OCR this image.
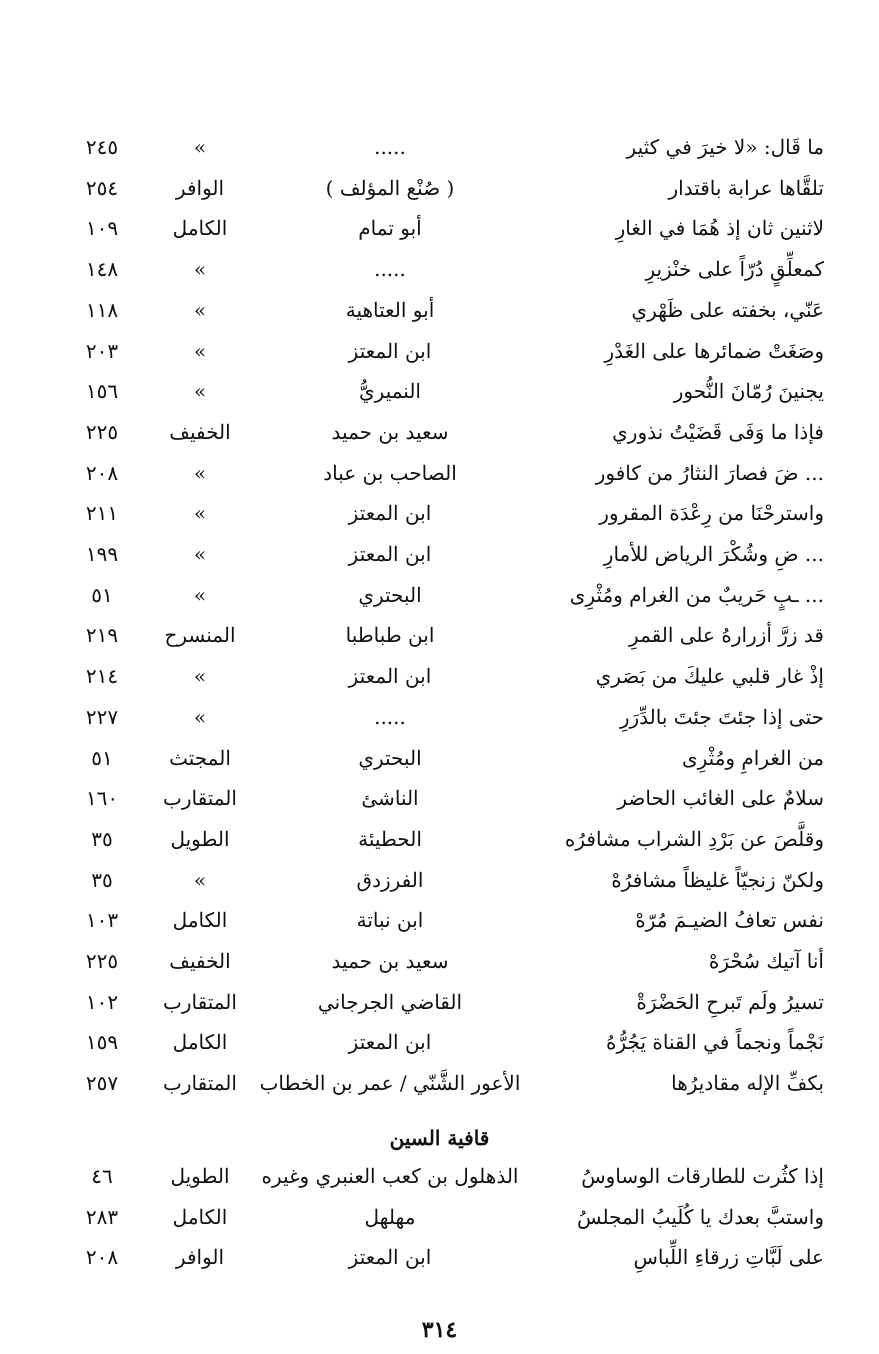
ما قَال: «لا خيرَ في كثير
.....
»
٢٤٥
تلقَّاها عرابة باقتدار
( صُنْع المؤلف )
الوافر
٢٥٤
لاثنين ثان إذ هُمَا في الغارِ
أبو تمام
الكامل
١٠٩
كمعلِّقٍ دُرّاً على خنْزيرِ
.....
»
١٤٨
عَنّي، بخفته على ظَهْري
أبو العتاهية
»
١١٨
وصَغَتْ ضمائرها على الغَدْرِ
ابن المعتز
»
٢٠٣
يجنينَ رُمّانَ النُّحور
النميريُّ
»
١٥٦
فإذا ما وَفَى قَضَيْتُ نذوري
سعيد بن حميد
الخفيف
٢٢٥
... ضَ فصارَ النثارُ من كافور
الصاحب بن عباد
»
٢٠٨
واسترحْنَا من رِعْدَة المقرور
ابن المعتز
»
٢١١
... ضِ وشُكْرَ الرياض للأمارِ
ابن المعتز
»
١٩٩
... ـبٍ حَريبٌ من الغرام ومُثْرِى
البحتري
»
٥١
قد زرَّ أزرارهُ على القمرِ
ابن طباطبا
المنسرح
٢١٩
إذْ غار قلبي عليكَ من بَصَري
ابن المعتز
»
٢١٤
حتى إذا جئتَ جئتَ بالدِّرَرِ
.....
»
٢٢٧
من الغرامِ ومُثْرِى
البحتري
المجتث
٥١
سلامٌ على الغائب الحاضر
الناشئ
المتقارب
١٦٠
وقلَّصَ عن بَرْدِ الشراب مشافرُه
الحطيئة
الطويل
٣٥
ولكنّ زنجيّاً غليظاً مشافرُهْ
الفرزدق
»
٣٥
نفس تعافُ الضيـمَ مُرّهْ
ابن نباتة
الكامل
١٠٣
أنا آتيك سُحْرَهْ
سعيد بن حميد
الخفيف
٢٢٥
تسيرُ ولَم تَبرحِ الحَضْرَةْ
القاضي الجرجاني
المتقارب
١٠٢
نَجْماً ونجماً في القناة يَجُرُّهُ
ابن المعتز
الكامل
١٥٩
بكفِّ الإله مقاديرُها
الأعور الشَّنّي / عمر بن الخطاب
المتقارب
٢٥٧
قافية السين
إذا كثُرت للطارقات الوساوسُ
الذهلول بن كعب العنبري وغيره
الطويل
٤٦
واستبَّ بعدك يا كُلَيبُ المجلسُ
مهلهل
الكامل
٢٨٣
على لَبَّاتِ زرقاءِ اللِّباسِ
ابن المعتز
الوافر
٢٠٨
٣١٤
